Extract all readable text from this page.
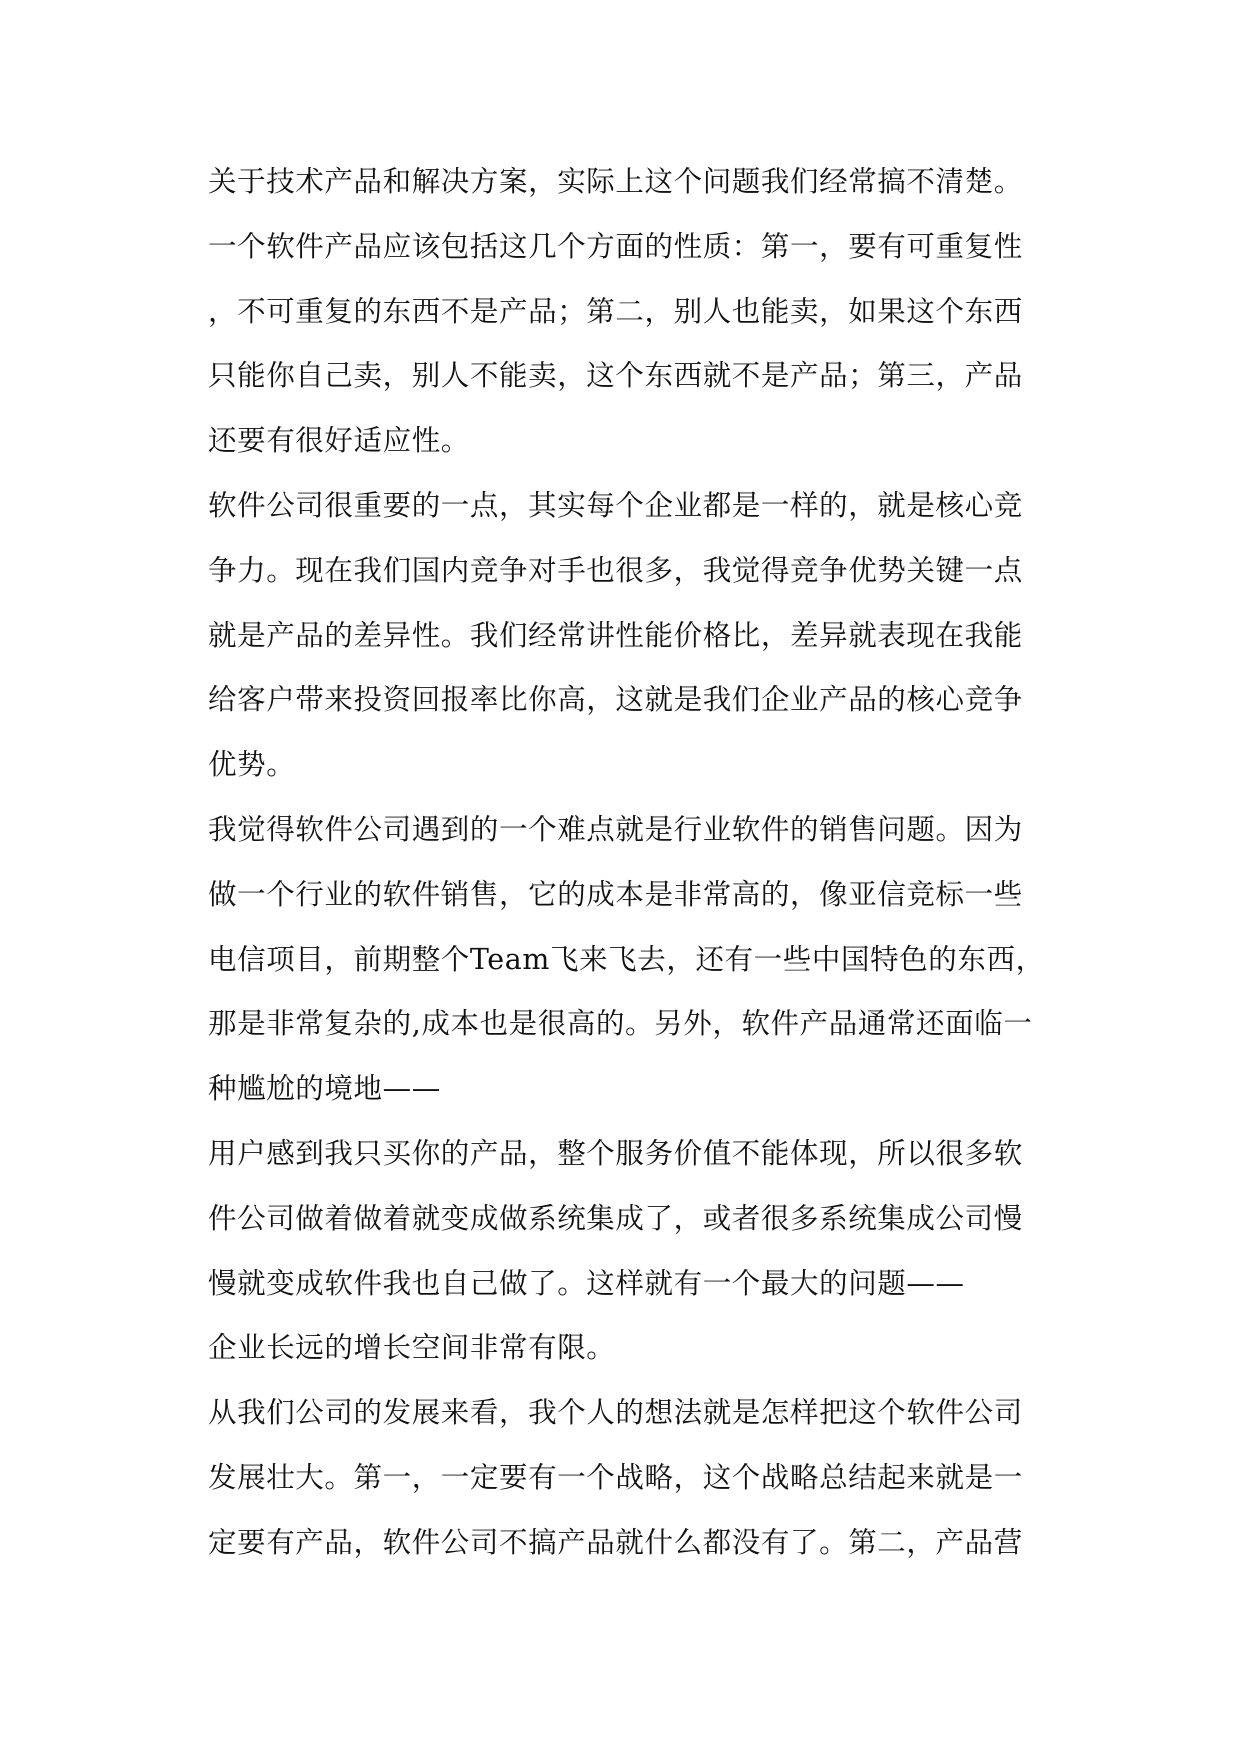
关于技术产品和解决方案，实际上这个问题我们经常搞不清楚。
一个软件产品应该包括这几个方面的性质：第一，要有可重复性
，不可重复的东西不是产品；第二，别人也能卖，如果这个东西
只能你自己卖，别人不能卖，这个东西就不是产品；第三，产品
还要有很好适应性。
软件公司很重要的一点，其实每个企业都是一样的，就是核心竞
争力。现在我们国内竞争对手也很多，我觉得竞争优势关键一点
就是产品的差异性。我们经常讲性能价格比，差异就表现在我能
给客户带来投资回报率比你高，这就是我们企业产品的核心竞争
优势。
我觉得软件公司遇到的一个难点就是行业软件的销售问题。因为
做一个行业的软件销售，它的成本是非常高的，像亚信竞标一些
电信项目，前期整个Team飞来飞去，还有一些中国特色的东西，
那是非常复杂的,成本也是很高的。另外，软件产品通常还面临一
种尴尬的境地——
用户感到我只买你的产品，整个服务价值不能体现，所以很多软
件公司做着做着就变成做系统集成了，或者很多系统集成公司慢
慢就变成软件我也自己做了。这样就有一个最大的问题——
企业长远的增长空间非常有限。
从我们公司的发展来看，我个人的想法就是怎样把这个软件公司
发展壮大。第一，一定要有一个战略，这个战略总结起来就是一
定要有产品，软件公司不搞产品就什么都没有了。第二，产品营
